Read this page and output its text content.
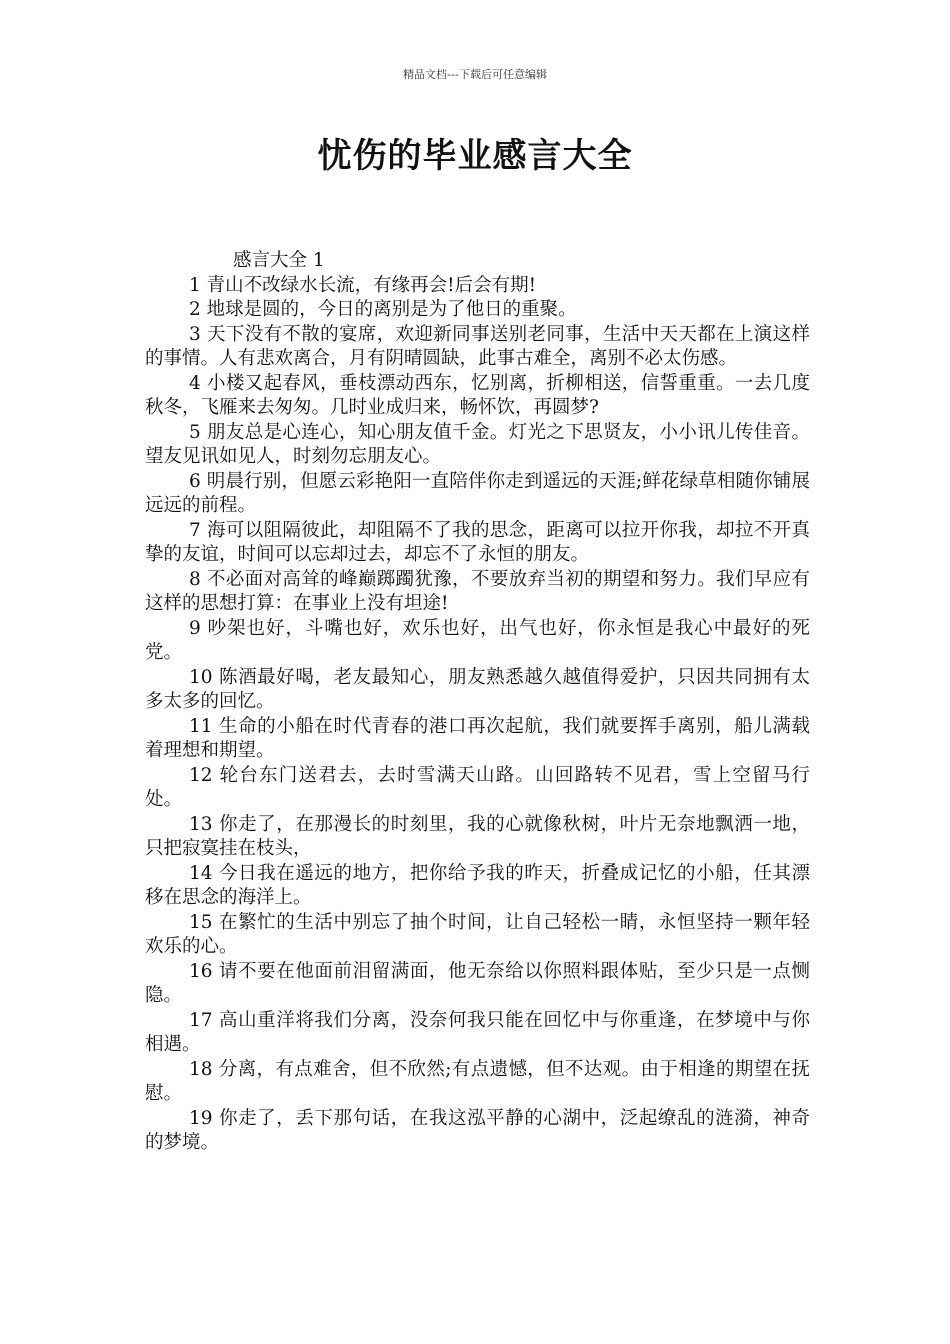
精品文档---下载后可任意编辑
忧伤的毕业感言大全

感言大全 1

1 青山不改绿水长流，有缘再会!后会有期!

2 地球是圆的，今日的离别是为了他日的重聚。

3 天下没有不散的宴席，欢迎新同事送别老同事，生活中天天都在上演这样的事情。人有悲欢离合，月有阴晴圆缺，此事古难全，离别不必太伤感。

4 小楼又起春风，垂枝漂动西东，忆别离，折柳相送，信誓重重。一去几度秋冬，飞雁来去匆匆。几时业成归来，畅怀饮，再圆梦?

5 朋友总是心连心，知心朋友值千金。灯光之下思贤友，小小讯儿传佳音。望友见讯如见人，时刻勿忘朋友心。

6 明晨行别，但愿云彩艳阳一直陪伴你走到遥远的天涯;鲜花绿草相随你铺展远远的前程。

7 海可以阻隔彼此，却阻隔不了我的思念，距离可以拉开你我，却拉不开真挚的友谊，时间可以忘却过去，却忘不了永恒的朋友。

8 不必面对高耸的峰巅踯躅犹豫，不要放弃当初的期望和努力。我们早应有这样的思想打算：在事业上没有坦途!

9 吵架也好，斗嘴也好，欢乐也好，出气也好，你永恒是我心中最好的死党。

10 陈酒最好喝，老友最知心，朋友熟悉越久越值得爱护，只因共同拥有太多太多的回忆。

11 生命的小船在时代青春的港口再次起航，我们就要挥手离别，船儿满载着理想和期望。

12 轮台东门送君去，去时雪满天山路。山回路转不见君，雪上空留马行处。

13 你走了，在那漫长的时刻里，我的心就像秋树，叶片无奈地飘洒一地，只把寂寞挂在枝头，

14 今日我在遥远的地方，把你给予我的昨天，折叠成记忆的小船，任其漂移在思念的海洋上。

15 在繁忙的生活中别忘了抽个时间，让自己轻松一睛，永恒坚持一颗年轻欢乐的心。

16 请不要在他面前泪留满面，他无奈给以你照料跟体贴，至少只是一点恻隐。

17 高山重洋将我们分离，没奈何我只能在回忆中与你重逢，在梦境中与你相遇。

18 分离，有点难舍，但不欣然;有点遗憾，但不达观。由于相逢的期望在抚慰。

19 你走了，丢下那句话，在我这泓平静的心湖中，泛起缭乱的涟漪，神奇的梦境。
